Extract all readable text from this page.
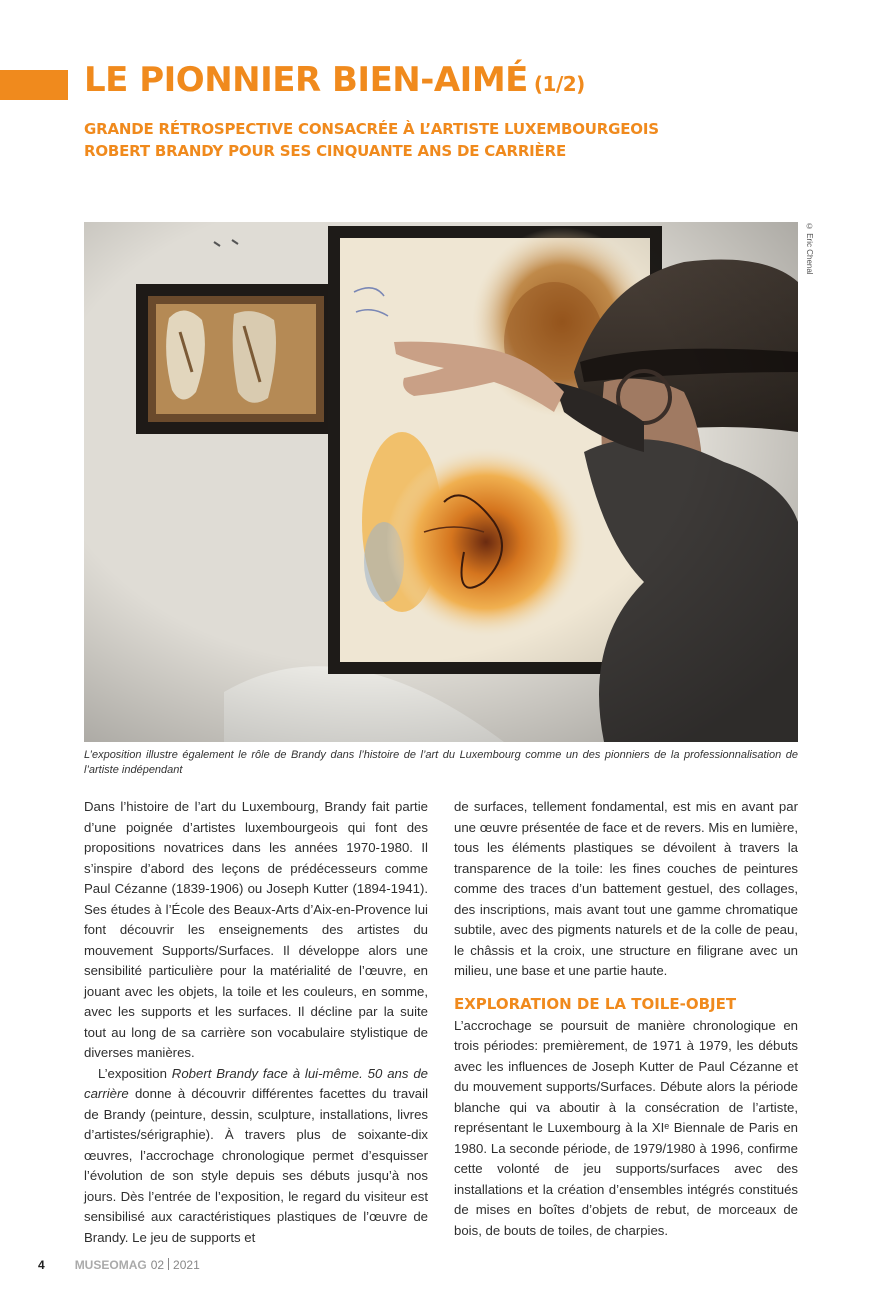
LE PIONNIER BIEN-AIMÉ (1/2)
GRANDE RÉTROSPECTIVE CONSACRÉE À L’ARTISTE LUXEMBOURGEOIS ROBERT BRANDY POUR SES CINQUANTE ANS DE CARRIÈRE
© Eric Chenal
L’exposition illustre également le rôle de Brandy dans l’histoire de l’art du Luxembourg comme un des pionniers de la professionnalisation de l’artiste indépendant

Dans l’histoire de l’art du Luxembourg, Brandy fait partie d’une poignée d’artistes luxembourgeois qui font des propositions novatrices dans les années 1970-1980. Il s’inspire d’abord des leçons de prédécesseurs comme Paul Cézanne (1839-1906) ou Joseph Kutter (1894-1941). Ses études à l’École des Beaux-Arts d’Aix-en-Provence lui font découvrir les enseignements des artistes du mouvement Supports/Surfaces. Il développe alors une sensibilité particulière pour la matérialité de l’œuvre, en jouant avec les objets, la toile et les couleurs, en somme, avec les supports et les surfaces. Il décline par la suite tout au long de sa carrière son vocabulaire stylistique de diverses manières.

L’exposition Robert Brandy face à lui-même. 50 ans de carrière donne à découvrir différentes facettes du travail de Brandy (peinture, dessin, sculpture, installations, livres d’artistes/sérigraphie). À travers plus de soixante-dix œuvres, l’accrochage chronologique permet d’esquisser l’évolution de son style depuis ses débuts jusqu’à nos jours. Dès l’entrée de l’exposition, le regard du visiteur est sensibilisé aux caractéristiques plastiques de l’œuvre de Brandy. Le jeu de supports et

de surfaces, tellement fondamental, est mis en avant par une œuvre présentée de face et de revers. Mis en lumière, tous les éléments plastiques se dévoilent à travers la transparence de la toile: les fines couches de peintures comme des traces d’un battement gestuel, des collages, des inscriptions, mais avant tout une gamme chromatique subtile, avec des pigments naturels et de la colle de peau, le châssis et la croix, une structure en filigrane avec un milieu, une base et une partie haute.

EXPLORATION DE LA TOILE-OBJET

L’accrochage se poursuit de manière chronologique en trois périodes: premièrement, de 1971 à 1979, les débuts avec les influences de Joseph Kutter de Paul Cézanne et du mouvement supports/Surfaces. Débute alors la période blanche qui va aboutir à la consécration de l’artiste, représentant le Luxembourg à la XIᵉ Biennale de Paris en 1980. La seconde période, de 1979/1980 à 1996, confirme cette volonté de jeu supports/surfaces avec des installations et la création d’ensembles intégrés constitués de mises en boîtes d’objets de rebut, de morceaux de bois, de bouts de toiles, de charpies.

4	MUSEOMAG 02 2021
